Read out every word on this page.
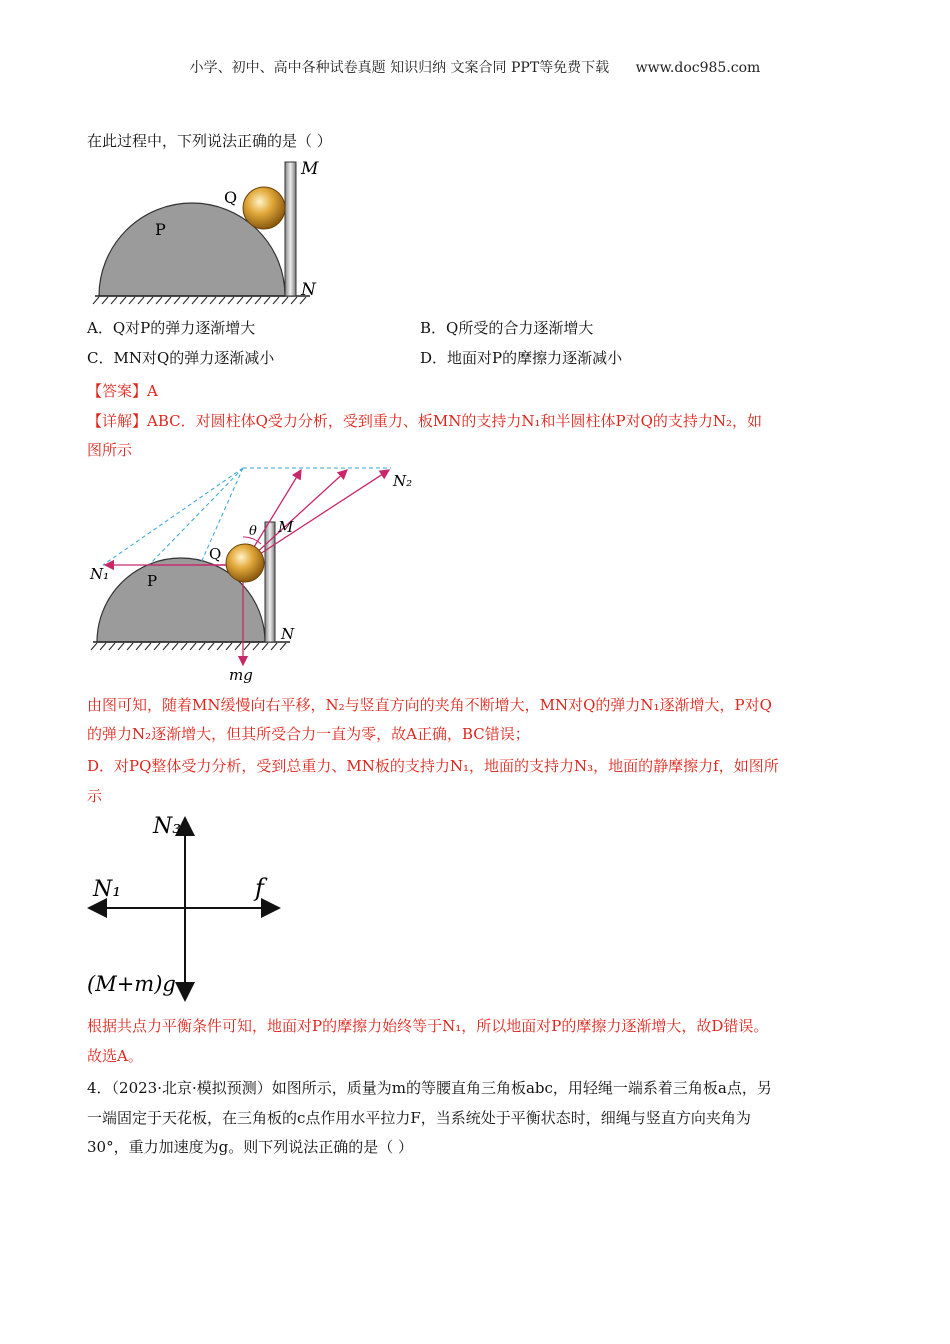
小学、初中、高中各种试卷真题 知识归纳 文案合同 PPT等免费下载 www.doc985.com
在此过程中，下列说法正确的是（ ）
M
N
P
Q
A．Q对P的弹力逐渐增大	B．Q所受的合力逐渐增大
C．MN对Q的弹力逐渐减小	D．地面对P的摩擦力逐渐减小
【答案】A
【详解】ABC．对圆柱体Q受力分析，受到重力、板MN的支持力N₁和半圆柱体P对Q的支持力N₂，如
图所示
N₁
N₂
P
Q
M
N
θ
mg
由图可知，随着MN缓慢向右平移，N₂与竖直方向的夹角不断增大，MN对Q的弹力N₁逐渐增大，P对Q
的弹力N₂逐渐增大，但其所受合力一直为零，故A正确，BC错误；
D．对PQ整体受力分析，受到总重力、MN板的支持力N₁，地面的支持力N₃，地面的静摩擦力f，如图所
示
N₃
N₁	f
(M+m)g
根据共点力平衡条件可知，地面对P的摩擦力始终等于N₁，所以地面对P的摩擦力逐渐增大，故D错误。
故选A。
4．（2023·北京·模拟预测）如图所示，质量为m的等腰直角三角板abc，用轻绳一端系着三角板a点，另
一端固定于天花板，在三角板的c点作用水平拉力F，当系统处于平衡状态时，细绳与竖直方向夹角为
30°，重力加速度为g。则下列说法正确的是（ ）
